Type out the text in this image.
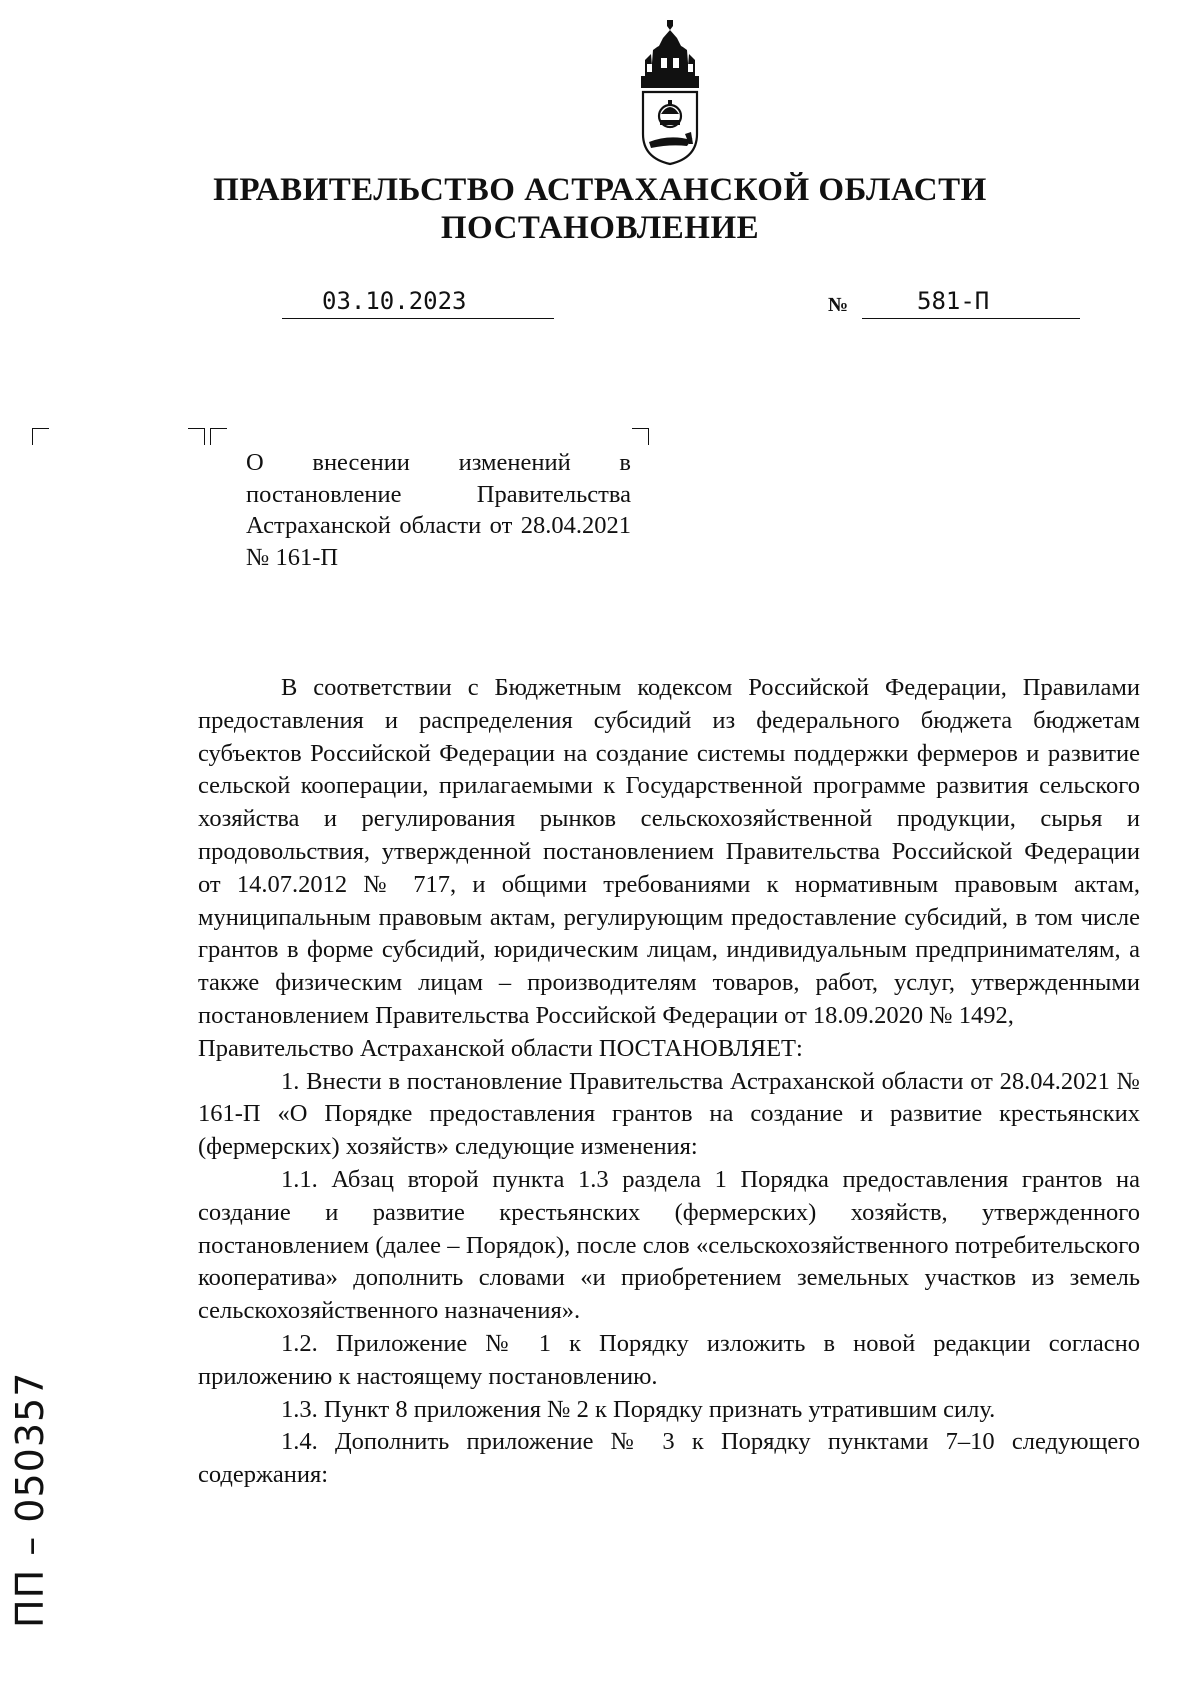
ПРАВИТЕЛЬСТВО АСТРАХАНСКОЙ ОБЛАСТИ
ПОСТАНОВЛЕНИЕ
03.10.2023	№	581-П
О внесении изменений в постановление Правительства Астраханской области от 28.04.2021 № 161-П

В соответствии с Бюджетным кодексом Российской Федерации, Правилами предоставления и распределения субсидий из федерального бюджета бюджетам субъектов Российской Федерации на создание системы поддержки фермеров и развитие сельской кооперации, прилагаемыми к Государственной программе развития сельского хозяйства и регулирования рынков сельскохозяйственной продукции, сырья и продовольствия, утвержденной постановлением Правительства Российской Федерации от 14.07.2012 № 717, и общими требованиями к нормативным правовым актам, муниципальным правовым актам, регулирующим предоставление субсидий, в том числе грантов в форме субсидий, юридическим лицам, индивидуальным предпринимателям, а также физическим лицам – производителям товаров, работ, услуг, утвержденными постановлением Правительства Российской Федерации от 18.09.2020 № 1492,

Правительство Астраханской области ПОСТАНОВЛЯЕТ:

1. Внести в постановление Правительства Астраханской области от 28.04.2021 № 161-П «О Порядке предоставления грантов на создание и развитие крестьянских (фермерских) хозяйств» следующие изменения:

1.1. Абзац второй пункта 1.3 раздела 1 Порядка предоставления грантов на создание и развитие крестьянских (фермерских) хозяйств, утвержденного постановлением (далее – Порядок), после слов «сельскохозяйственного потребительского кооператива» дополнить словами «и приобретением земельных участков из земель сельскохозяйственного назначения».

1.2. Приложение № 1 к Порядку изложить в новой редакции согласно приложению к настоящему постановлению.

1.3. Пункт 8 приложения № 2 к Порядку признать утратившим силу.

1.4. Дополнить приложение № 3 к Порядку пунктами 7–10 следующего содержания:

ПП – 050357
